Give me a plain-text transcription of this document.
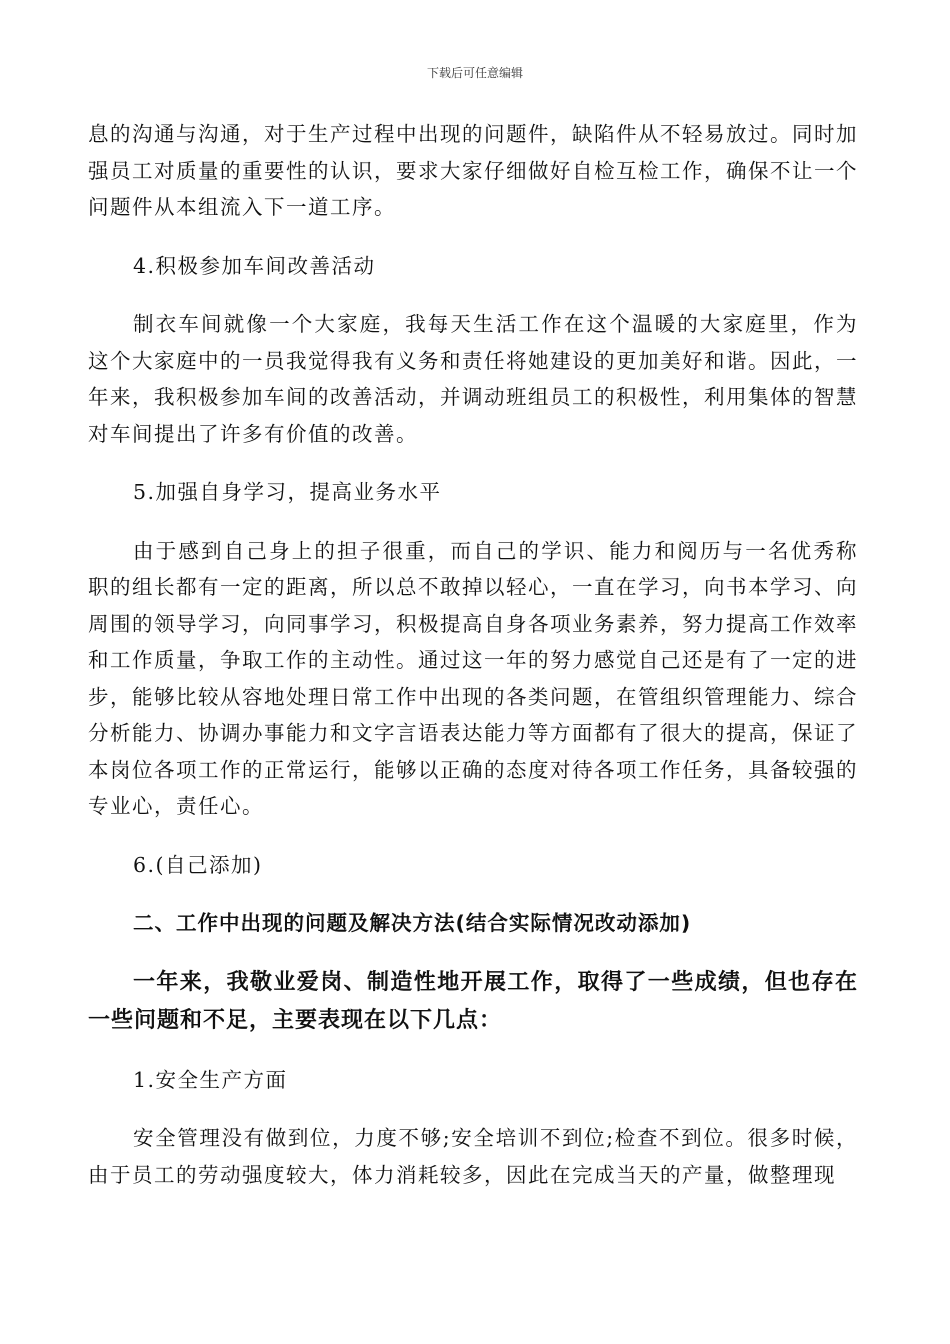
下载后可任意编辑

息的沟通与沟通，对于生产过程中出现的问题件，缺陷件从不轻易放过。同时加强员工对质量的重要性的认识，要求大家仔细做好自检互检工作，确保不让一个问题件从本组流入下一道工序。

4.积极参加车间改善活动

制衣车间就像一个大家庭，我每天生活工作在这个温暖的大家庭里，作为这个大家庭中的一员我觉得我有义务和责任将她建设的更加美好和谐。因此，一年来，我积极参加车间的改善活动，并调动班组员工的积极性，利用集体的智慧对车间提出了许多有价值的改善。

5.加强自身学习，提高业务水平

由于感到自己身上的担子很重，而自己的学识、能力和阅历与一名优秀称职的组长都有一定的距离，所以总不敢掉以轻心，一直在学习，向书本学习、向周围的领导学习，向同事学习，积极提高自身各项业务素养，努力提高工作效率和工作质量，争取工作的主动性。通过这一年的努力感觉自己还是有了一定的进步，能够比较从容地处理日常工作中出现的各类问题，在管组织管理能力、综合分析能力、协调办事能力和文字言语表达能力等方面都有了很大的提高，保证了本岗位各项工作的正常运行，能够以正确的态度对待各项工作任务，具备较强的专业心，责任心。

6.(自己添加)

二、工作中出现的问题及解决方法(结合实际情况改动添加)

一年来，我敬业爱岗、制造性地开展工作，取得了一些成绩，但也存在一些问题和不足，主要表现在以下几点：

1.安全生产方面

安全管理没有做到位，力度不够;安全培训不到位;检查不到位。很多时候，由于员工的劳动强度较大，体力消耗较多，因此在完成当天的产量，做整理现
